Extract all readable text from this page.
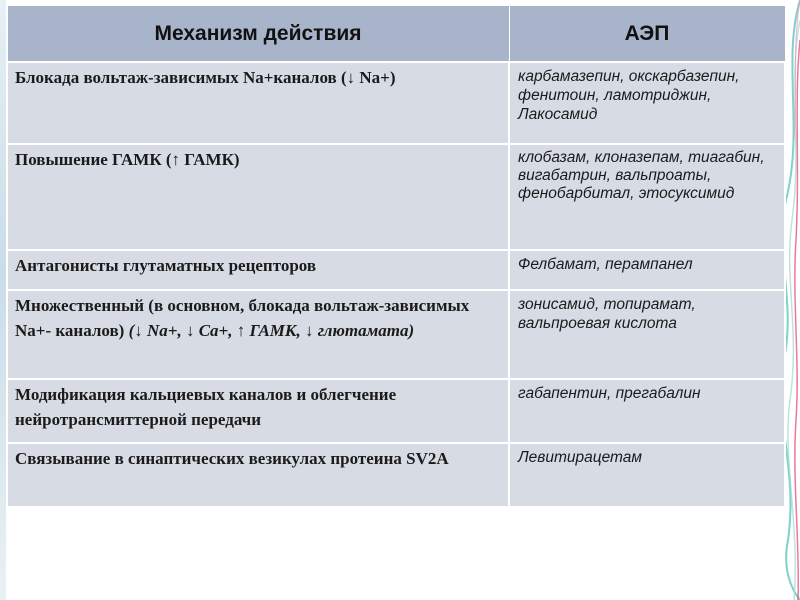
Механизм действия	АЭП
Блокада вольтаж-зависимых Na+каналов (↓ Na+)	карбамазепин, окскарбазепин, фенитоин, ламотриджин, Лакосамид
Повышение ГАМК (↑ ГАМК)	клобазам, клоназепам, тиагабин, вигабатрин, вальпроаты, фенобарбитал, этосуксимид
Антагонисты глутаматных рецепторов	Фелбамат, перампанел
Множественный (в основном, блокада вольтаж-зависимых Na+- каналов) (↓ Na+, ↓ Ca+, ↑ ГАМК, ↓ глютамата)	зонисамид, топирамат, вальпроевая кислота
Модификация кальциевых каналов и облегчение нейротрансмиттерной передачи	габапентин, прегабалин
Связывание в синаптических везикулах протеина SV2A	Левитирацетам
